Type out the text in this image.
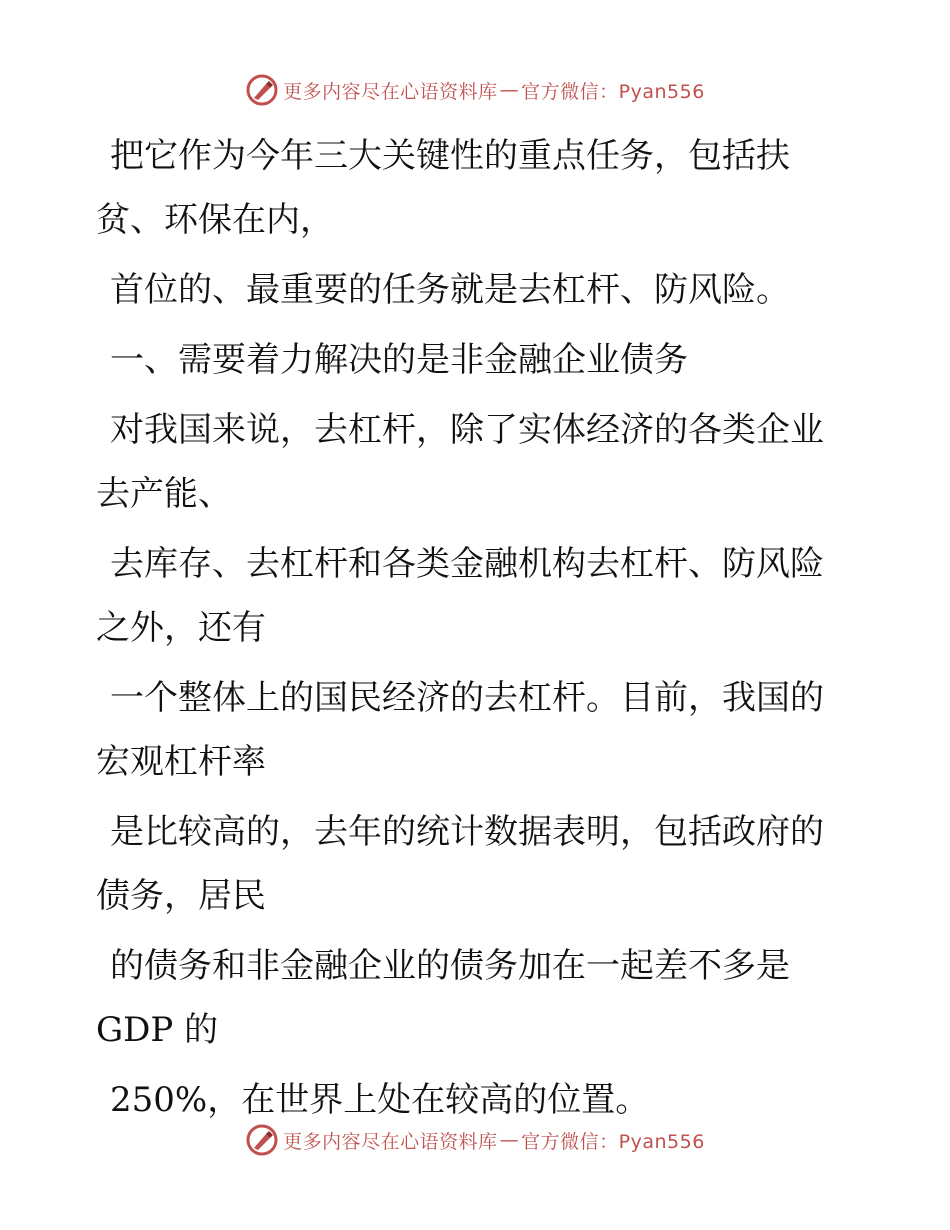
更多内容尽在心语资料库 — 官方微信：Pyan556
把它作为今年三大关键性的重点任务，包括扶
贫、环保在内，
首位的、最重要的任务就是去杠杆、防风险。
一、需要着力解决的是非金融企业债务
对我国来说，去杠杆，除了实体经济的各类企业
去产能、
去库存、去杠杆和各类金融机构去杠杆、防风险
之外，还有
一个整体上的国民经济的去杠杆。目前，我国的
宏观杠杆率
是比较高的，去年的统计数据表明，包括政府的
债务，居民
的债务和非金融企业的债务加在一起差不多是
GDP 的
250%，在世界上处在较高的位置。
更多内容尽在心语资料库 — 官方微信：Pyan556
